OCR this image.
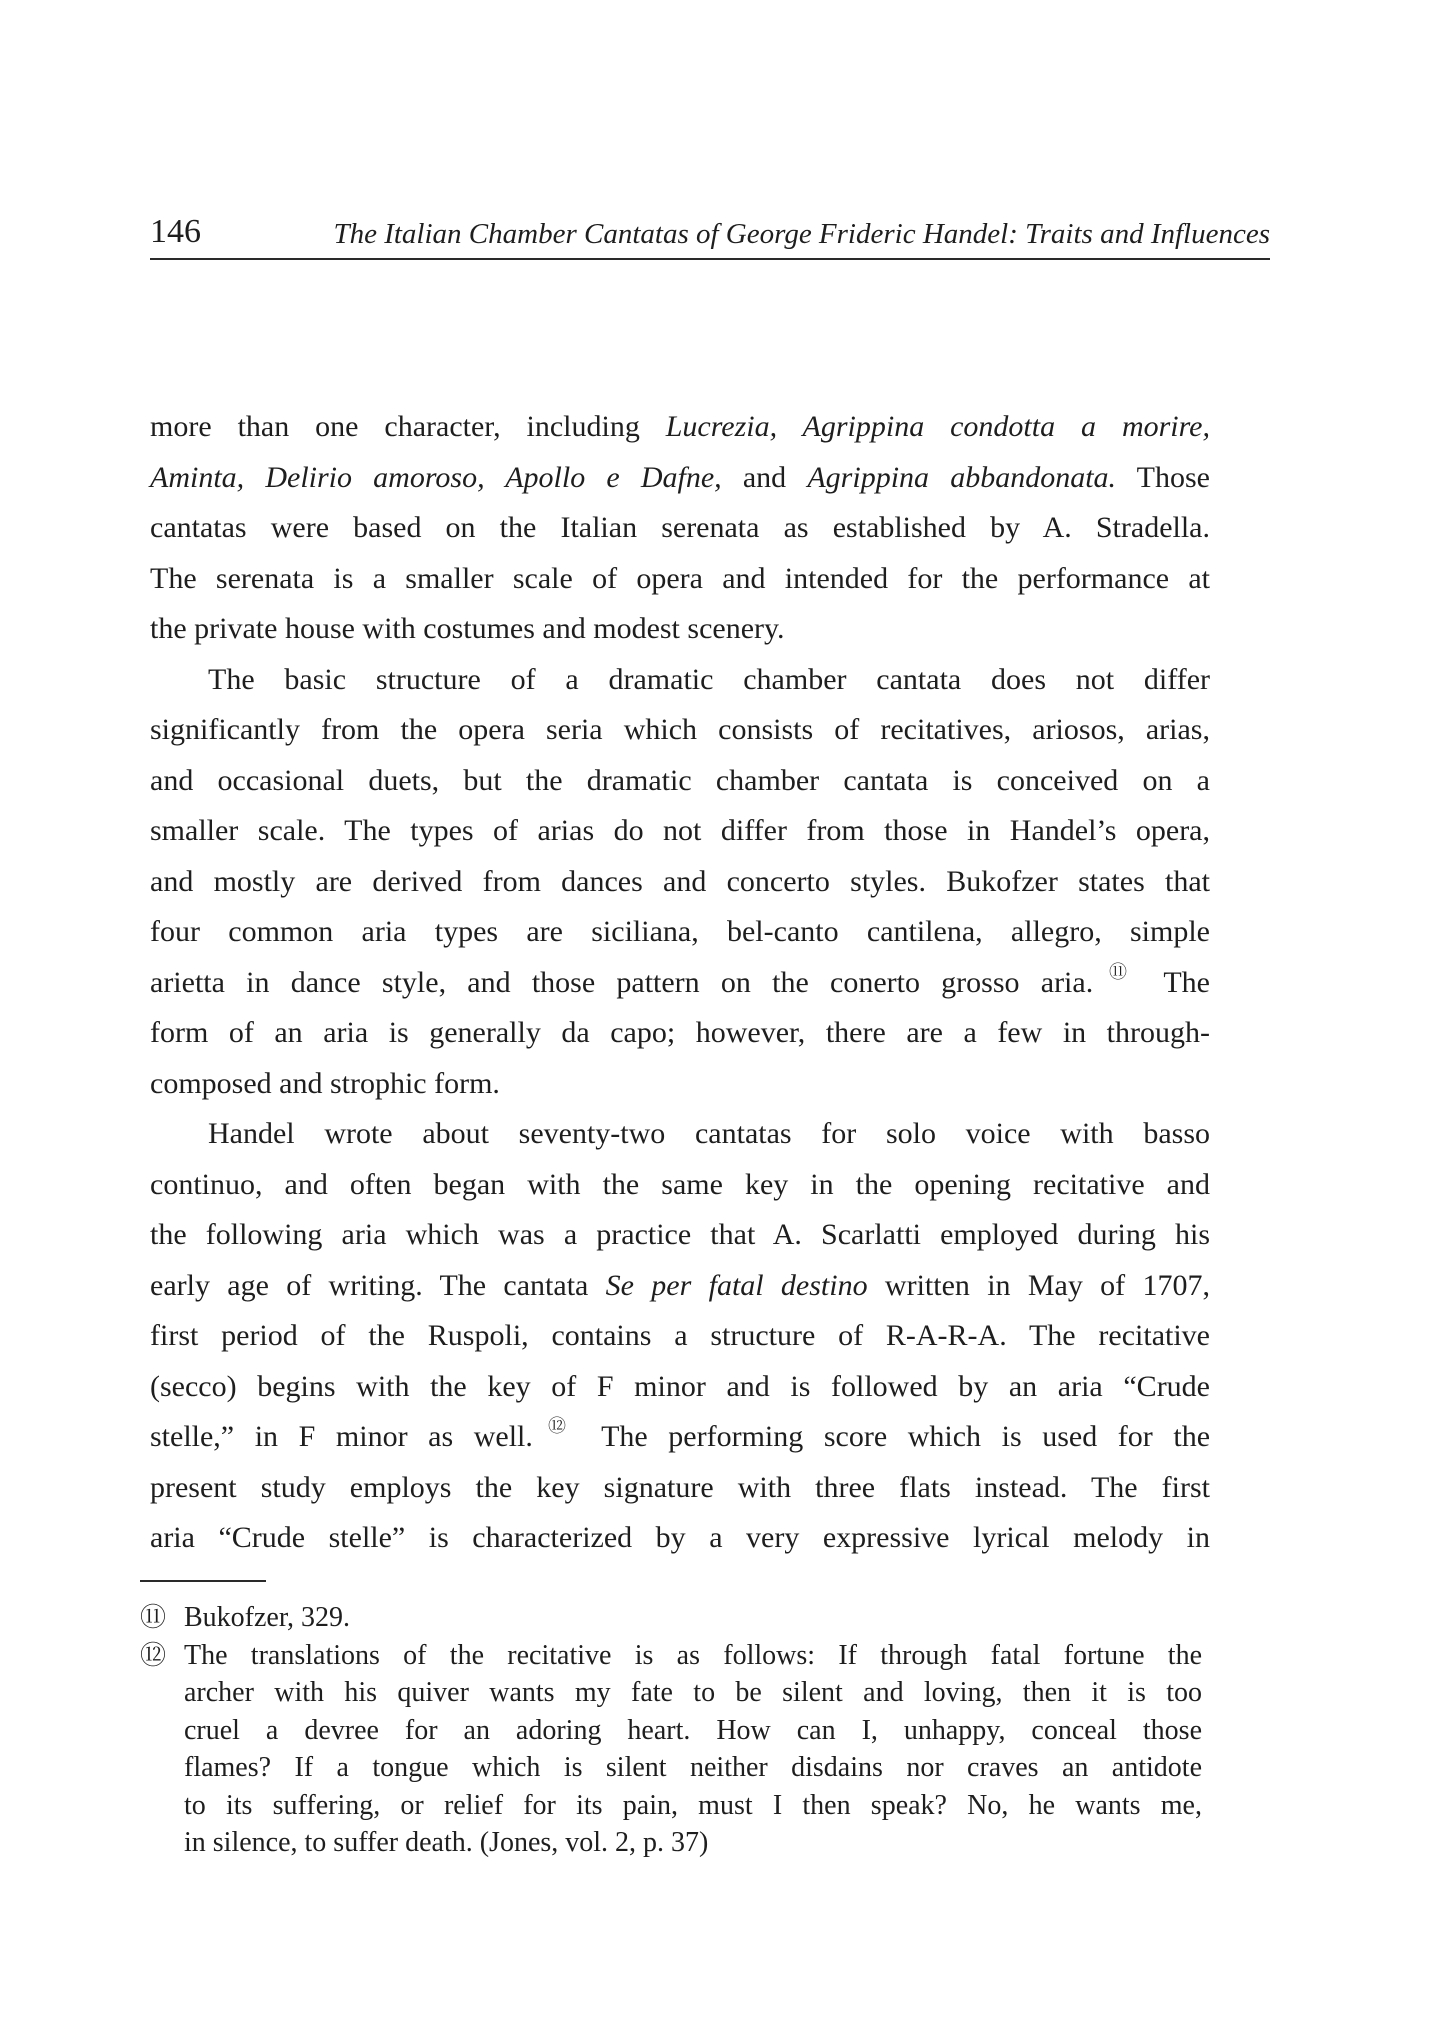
146	The Italian Chamber Cantatas of George Frideric Handel: Traits and Influences
more than one character, including Lucrezia, Agrippina condotta a morire,
Aminta, Delirio amoroso, Apollo e Dafne, and Agrippina abbandonata. Those
cantatas were based on the Italian serenata as established by A. Stradella.
The serenata is a smaller scale of opera and intended for the performance at
the private house with costumes and modest scenery.
The basic structure of a dramatic chamber cantata does not differ
significantly from the opera seria which consists of recitatives, ariosos, arias,
and occasional duets, but the dramatic chamber cantata is conceived on a
smaller scale. The types of arias do not differ from those in Handel’s opera,
and mostly are derived from dances and concerto styles. Bukofzer states that
four common aria types are siciliana, bel-canto cantilena, allegro, simple
arietta in dance style, and those pattern on the conerto grosso aria. ⑪ The
form of an aria is generally da capo; however, there are a few in through-
composed and strophic form.
Handel wrote about seventy-two cantatas for solo voice with basso
continuo, and often began with the same key in the opening recitative and
the following aria which was a practice that A. Scarlatti employed during his
early age of writing. The cantata Se per fatal destino written in May of 1707,
first period of the Ruspoli, contains a structure of R-A-R-A. The recitative
(secco) begins with the key of F minor and is followed by an aria “Crude
stelle,” in F minor as well. ⑫ The performing score which is used for the
present study employs the key signature with three flats instead. The first
aria “Crude stelle” is characterized by a very expressive lyrical melody in
⑪ Bukofzer, 329.
⑫ The translations of the recitative is as follows: If through fatal fortune the
archer with his quiver wants my fate to be silent and loving, then it is too
cruel a devree for an adoring heart. How can I, unhappy, conceal those
flames? If a tongue which is silent neither disdains nor craves an antidote
to its suffering, or relief for its pain, must I then speak? No, he wants me,
in silence, to suffer death. (Jones, vol. 2, p. 37)
